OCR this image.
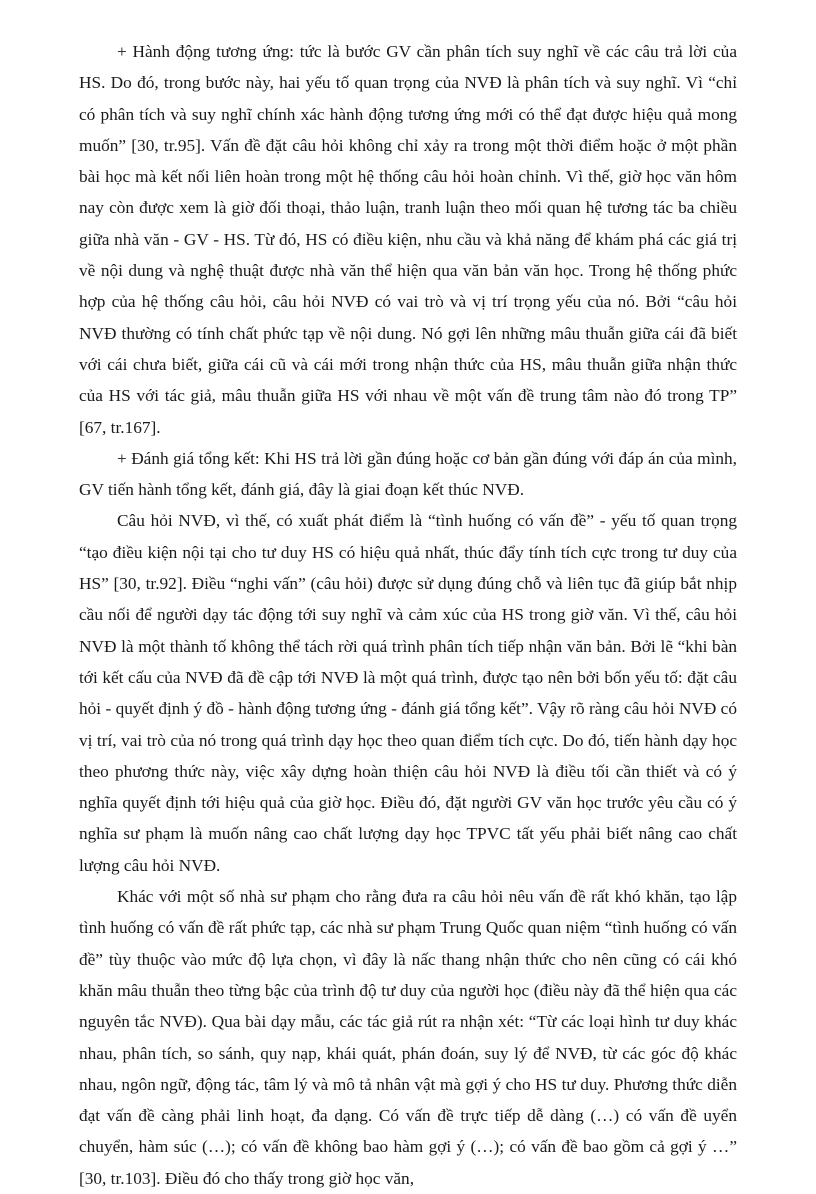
+ Hành động tương ứng: tức là bước GV cần phân tích suy nghĩ về các câu trả lời của HS. Do đó, trong bước này, hai yếu tố quan trọng của NVĐ là phân tích và suy nghĩ. Vì “chỉ có phân tích và suy nghĩ chính xác hành động tương ứng mới có thể đạt được hiệu quả mong muốn” [30, tr.95]. Vấn đề đặt câu hỏi không chỉ xảy ra trong một thời điểm hoặc ở một phần bài học mà kết nối liên hoàn trong một hệ thống câu hỏi hoàn chỉnh. Vì thế, giờ học văn hôm nay còn được xem là giờ đối thoại, thảo luận, tranh luận theo mối quan hệ tương tác ba chiều giữa nhà văn - GV - HS. Từ đó, HS có điều kiện, nhu cầu và khả năng để khám phá các giá trị về nội dung và nghệ thuật được nhà văn thể hiện qua văn bản văn học. Trong hệ thống phức hợp của hệ thống câu hỏi, câu hỏi NVĐ có vai trò và vị trí trọng yếu của nó. Bởi “câu hỏi NVĐ thường có tính chất phức tạp về nội dung. Nó gợi lên những mâu thuẫn giữa cái đã biết với cái chưa biết, giữa cái cũ và cái mới trong nhận thức của HS, mâu thuẫn giữa nhận thức của HS với tác giả, mâu thuẫn giữa HS với nhau về một vấn đề trung tâm nào đó trong TP” [67, tr.167].

+ Đánh giá tổng kết: Khi HS trả lời gần đúng hoặc cơ bản gần đúng với đáp án của mình, GV tiến hành tổng kết, đánh giá, đây là giai đoạn kết thúc NVĐ.

Câu hỏi NVĐ, vì thế, có xuất phát điểm là “tình huống có vấn đề” - yếu tố quan trọng “tạo điều kiện nội tại cho tư duy HS có hiệu quả nhất, thúc đẩy tính tích cực trong tư duy của HS” [30, tr.92]. Điều “nghi vấn” (câu hỏi) được sử dụng đúng chỗ và liên tục đã giúp bắt nhịp cầu nối để người dạy tác động tới suy nghĩ và cảm xúc của HS trong giờ văn. Vì thế, câu hỏi NVĐ là một thành tố không thể tách rời quá trình phân tích tiếp nhận văn bản. Bởi lẽ “khi bàn tới kết cấu của NVĐ đã đề cập tới NVĐ là một quá trình, được tạo nên bởi bốn yếu tố: đặt câu hỏi - quyết định ý đồ - hành động tương ứng - đánh giá tổng kết”. Vậy rõ ràng câu hỏi NVĐ có vị trí, vai trò của nó trong quá trình dạy học theo quan điểm tích cực. Do đó, tiến hành dạy học theo phương thức này, việc xây dựng hoàn thiện câu hỏi NVĐ là điều tối cần thiết và có ý nghĩa quyết định tới hiệu quả của giờ học. Điều đó, đặt người GV văn học trước yêu cầu có ý nghĩa sư phạm là muốn nâng cao chất lượng dạy học TPVC tất yếu phải biết nâng cao chất lượng câu hỏi NVĐ.

Khác với một số nhà sư phạm cho rằng đưa ra câu hỏi nêu vấn đề rất khó khăn, tạo lập tình huống có vấn đề rất phức tạp, các nhà sư phạm Trung Quốc quan niệm “tình huống có vấn đề” tùy thuộc vào mức độ lựa chọn, vì đây là nấc thang nhận thức cho nên cũng có cái khó khăn mâu thuẫn theo từng bậc của trình độ tư duy của người học (điều này đã thể hiện qua các nguyên tắc NVĐ). Qua bài dạy mẫu, các tác giả rút ra nhận xét: “Từ các loại hình tư duy khác nhau, phân tích, so sánh, quy nạp, khái quát, phán đoán, suy lý để NVĐ, từ các góc độ khác nhau, ngôn ngữ, động tác, tâm lý và mô tả nhân vật mà gợi ý cho HS tư duy. Phương thức diễn đạt vấn đề càng phải linh hoạt, đa dạng. Có vấn đề trực tiếp dễ dàng (…) có vấn đề uyển chuyển, hàm súc (…); có vấn đề không bao hàm gợi ý (…); có vấn đề bao gồm cả gợi ý …” [30, tr.103]. Điều đó cho thấy trong giờ học văn,
